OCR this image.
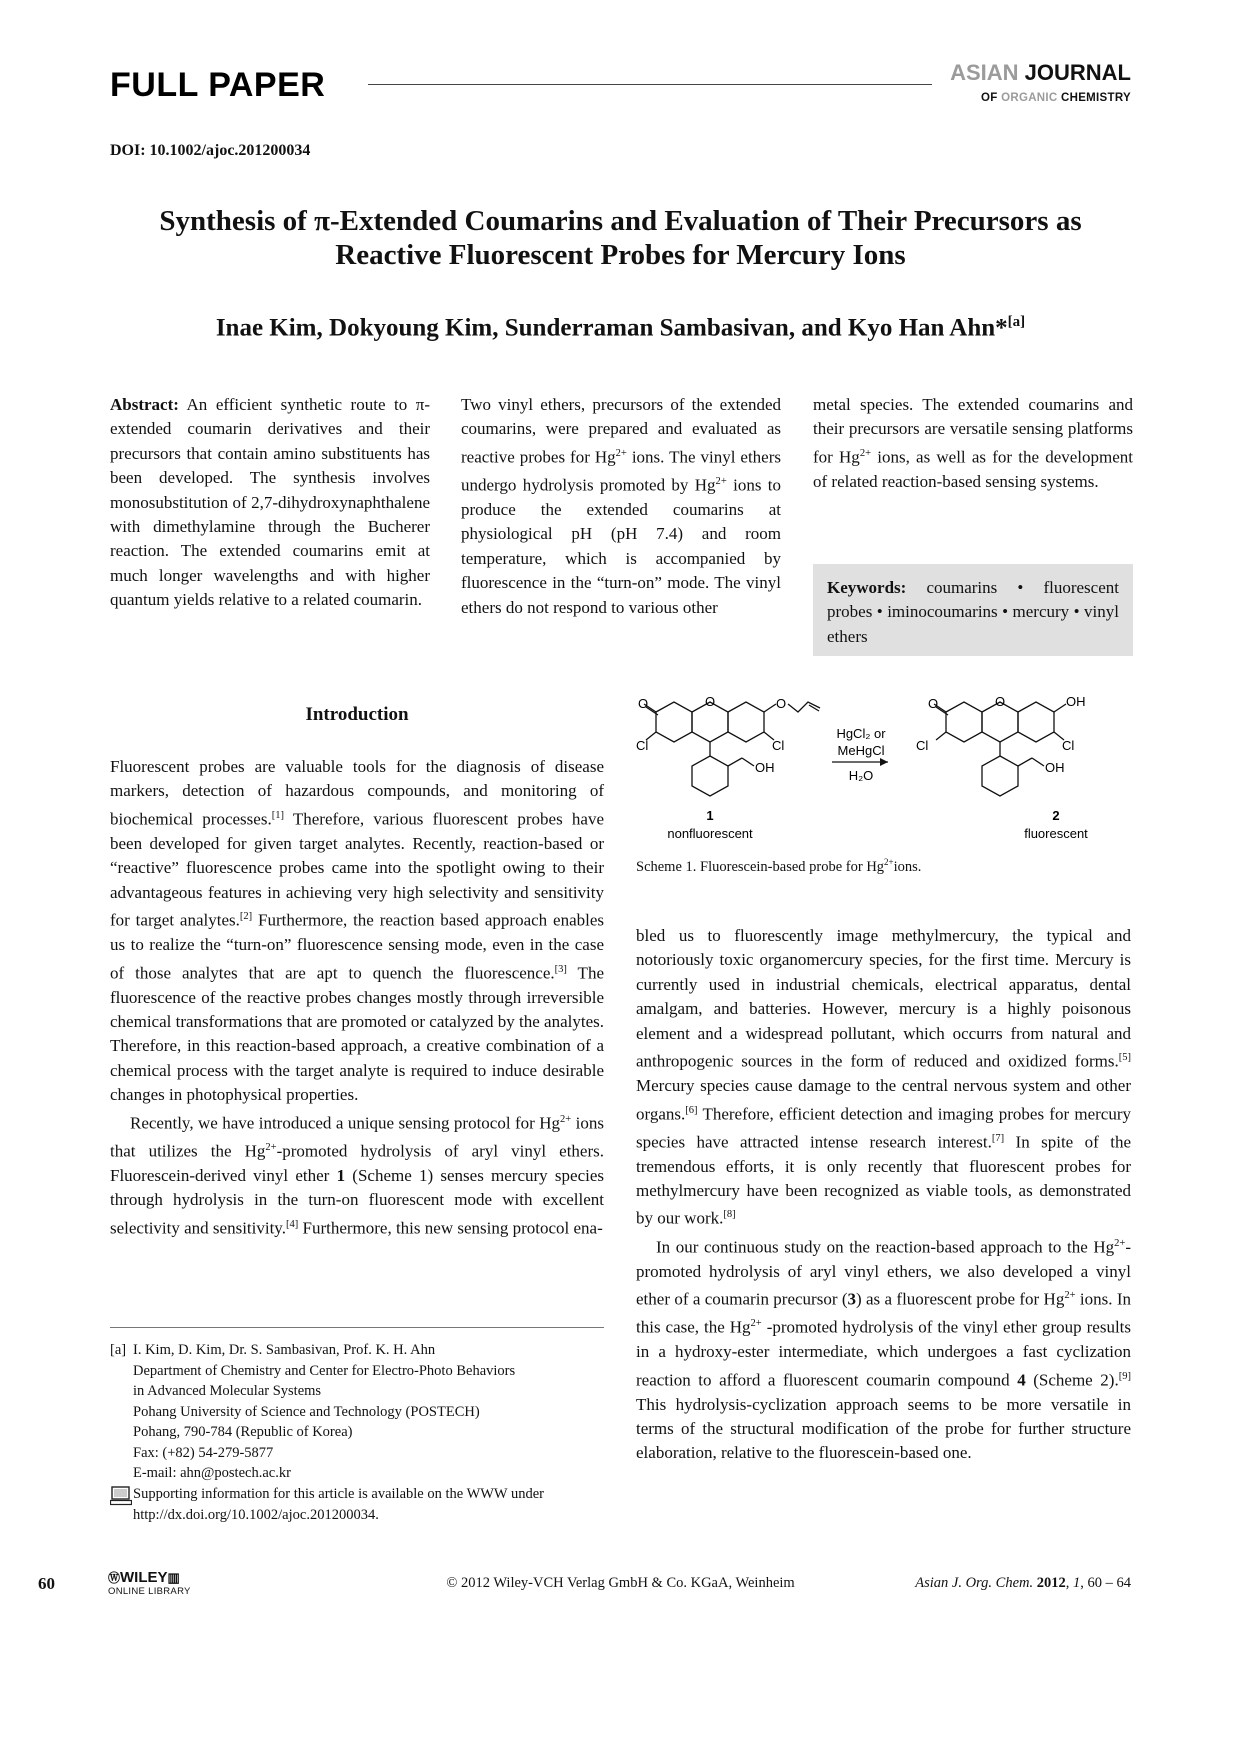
FULL PAPER	ASIAN JOURNAL
OF ORGANIC CHEMISTRY
DOI: 10.1002/ajoc.201200034
Synthesis of π-Extended Coumarins and Evaluation of Their Precursors as
Reactive Fluorescent Probes for Mercury Ions
Inae Kim, Dokyoung Kim, Sunderraman Sambasivan, and Kyo Han Ahn*[a]

Abstract: An efficient synthetic route to π-extended coumarin derivatives and their precursors that contain amino substituents has been developed. The synthesis involves monosubstitution of 2,7-dihydroxynaphthalene with dimethylamine through the Bucherer reaction. The extended coumarins emit at much longer wavelengths and with higher quantum yields relative to a related coumarin.

Two vinyl ethers, precursors of the extended coumarins, were prepared and evaluated as reactive probes for $Hg^{2+}$ ions. The vinyl ethers undergo hydrolysis promoted by $Hg^{2+}$ ions to produce the extended coumarins at physiological pH (pH 7.4) and room temperature, which is accompanied by fluorescence in the “turn-on” mode. The vinyl ethers do not respond to various other

metal species. The extended coumarins and their precursors are versatile sensing platforms for $Hg^{2+}$ ions, as well as for the development of related reaction-based sensing systems.

Keywords: coumarins • fluorescent probes • iminocoumarins • mercury • vinyl ethers
Introduction

Fluorescent probes are valuable tools for the diagnosis of disease markers, detection of hazardous compounds, and monitoring of biochemical processes.[1] Therefore, various fluorescent probes have been developed for given target analytes. Recently, reaction-based or “reactive” fluorescence probes came into the spotlight owing to their advantageous features in achieving very high selectivity and sensitivity for target analytes.[2] Furthermore, the reaction based approach enables us to realize the “turn-on” fluorescence sensing mode, even in the case of those analytes that are apt to quench the fluorescence.[3] The fluorescence of the reactive probes changes mostly through irreversible chemical transformations that are promoted or catalyzed by the analytes. Therefore, in this reaction-based approach, a creative combination of a chemical process with the target analyte is required to induce desirable changes in photophysical properties.

Recently, we have introduced a unique sensing protocol for $Hg^{2+}$ ions that utilizes the $Hg^{2+}$-promoted hydrolysis of aryl vinyl ethers. Fluorescein-derived vinyl ether 1 (Scheme 1) senses mercury species through hydrolysis in the turn-on fluorescent mode with excellent selectivity and sensitivity.[4] Furthermore, this new sensing protocol ena-

[a] I. Kim, D. Kim, Dr. S. Sambasivan, Prof. K. H. Ahn
Department of Chemistry and Center for Electro-Photo Behaviors
in Advanced Molecular Systems
Pohang University of Science and Technology (POSTECH)
Pohang, 790-784 (Republic of Korea)
Fax: (+82) 54-279-5877
E-mail: ahn@postech.ac.kr
Supporting information for this article is available on the WWW under http://dx.doi.org/10.1002/ajoc.201200034.
O	O	O
Cl	Cl
OH
1
nonfluorescent
HgCl₂ or
MeHgCl
H₂O
O	O	OH
Cl	Cl
OH
2
fluorescent
Scheme 1. Fluorescein-based probe for $Hg^{2+}ions$.

bled us to fluorescently image methylmercury, the typical and notoriously toxic organomercury species, for the first time. Mercury is currently used in industrial chemicals, electrical apparatus, dental amalgam, and batteries. However, mercury is a highly poisonous element and a widespread pollutant, which occurrs from natural and anthropogenic sources in the form of reduced and oxidized forms.[5] Mercury species cause damage to the central nervous system and other organs.[6] Therefore, efficient detection and imaging probes for mercury species have attracted intense research interest.[7] In spite of the tremendous efforts, it is only recently that fluorescent probes for methylmercury have been recognized as viable tools, as demonstrated by our work.[8]

In our continuous study on the reaction-based approach to the $Hg^{2+}$-promoted hydrolysis of aryl vinyl ethers, we also developed a vinyl ether of a coumarin precursor (3) as a fluorescent probe for $Hg^{2+}$ ions. In this case, the $Hg^{2+}$ -promoted hydrolysis of the vinyl ether group results in a hydroxy-ester intermediate, which undergoes a fast cyclization reaction to afford a fluorescent coumarin compound 4 (Scheme 2).[9] This hydrolysis-cyclization approach seems to be more versatile in terms of the structural modification of the probe for further structure elaboration, relative to the fluorescein-based one.

60	ⓌWILEY▥
ONLINE LIBRARY
© 2012 Wiley-VCH Verlag GmbH & Co. KGaA, Weinheim	Asian J. Org. Chem. 2012, 1, 60 – 64
